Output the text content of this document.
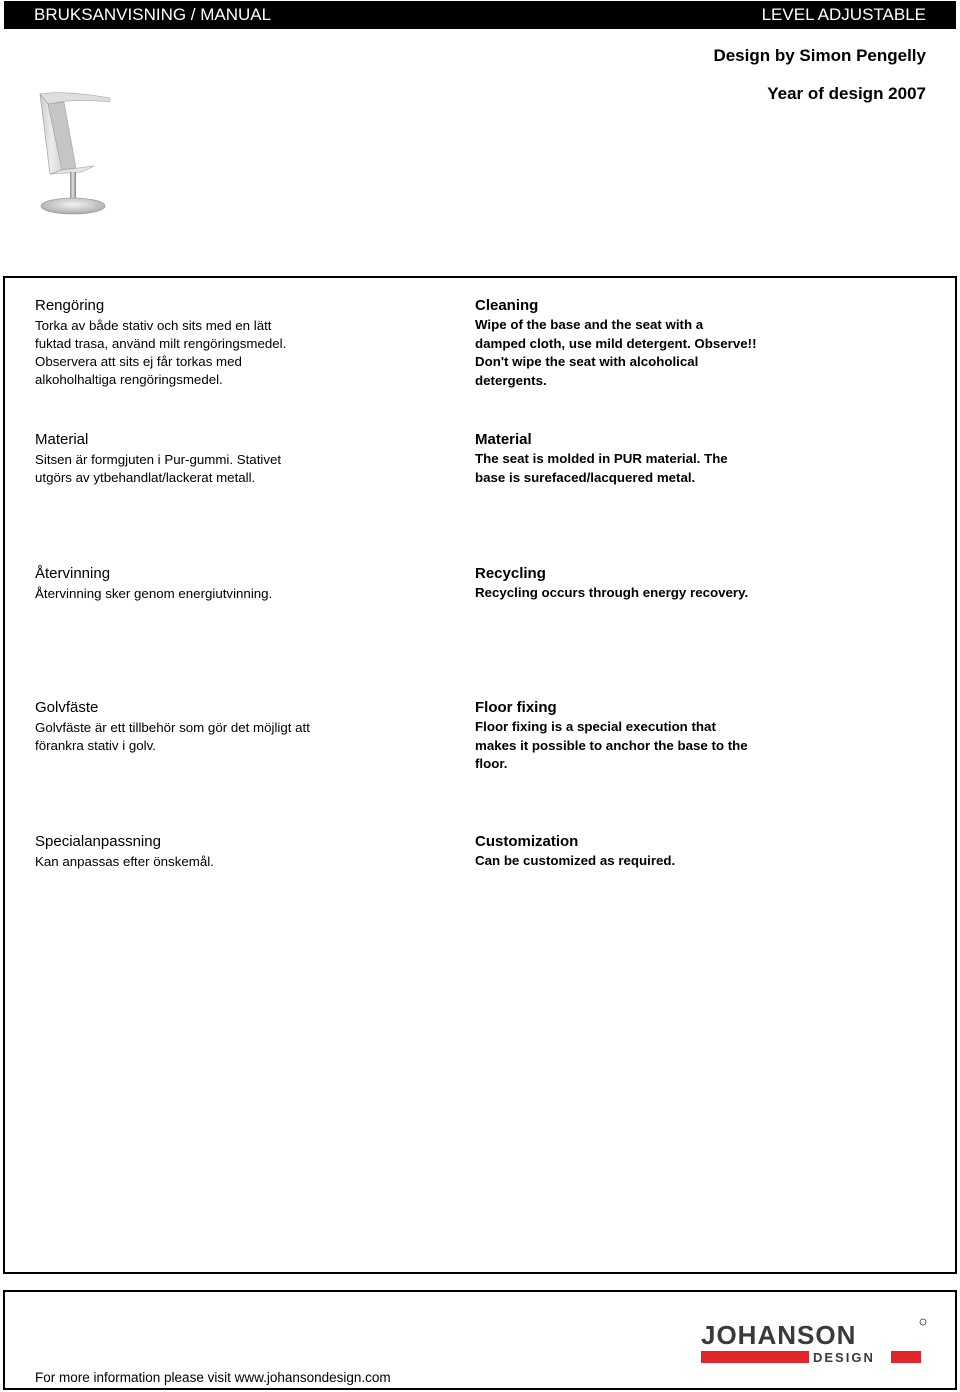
BRUKSANVISNING / MANUAL	LEVEL ADJUSTABLE
Design by Simon Pengelly
Year of design 2007
Rengöring
Torka av både stativ och sits med en lätt
fuktad trasa, använd milt rengöringsmedel.
Observera att sits ej får torkas med
alkoholhaltiga rengöringsmedel.
Cleaning
Wipe of the base and the seat with a
damped cloth, use mild detergent. Observe!!
Don't wipe the seat with alcoholical
detergents.
Material
Sitsen är formgjuten i Pur-gummi. Stativet
utgörs av ytbehandlat/lackerat metall.
Material
The seat is molded in PUR material. The
base is surefaced/lacquered metal.
Återvinning
Återvinning sker genom energiutvinning.
Recycling
Recycling occurs through energy recovery.
Golvfäste
Golvfäste är ett tillbehör som gör det möjligt att
förankra stativ i golv.
Floor fixing
Floor fixing is a special execution that
makes it possible to anchor the base to the
floor.
Specialanpassning
Kan anpassas efter önskemål.
Customization
Can be customized as required.
JOHANSON
DESIGN
For more information please visit www.johansondesign.com
